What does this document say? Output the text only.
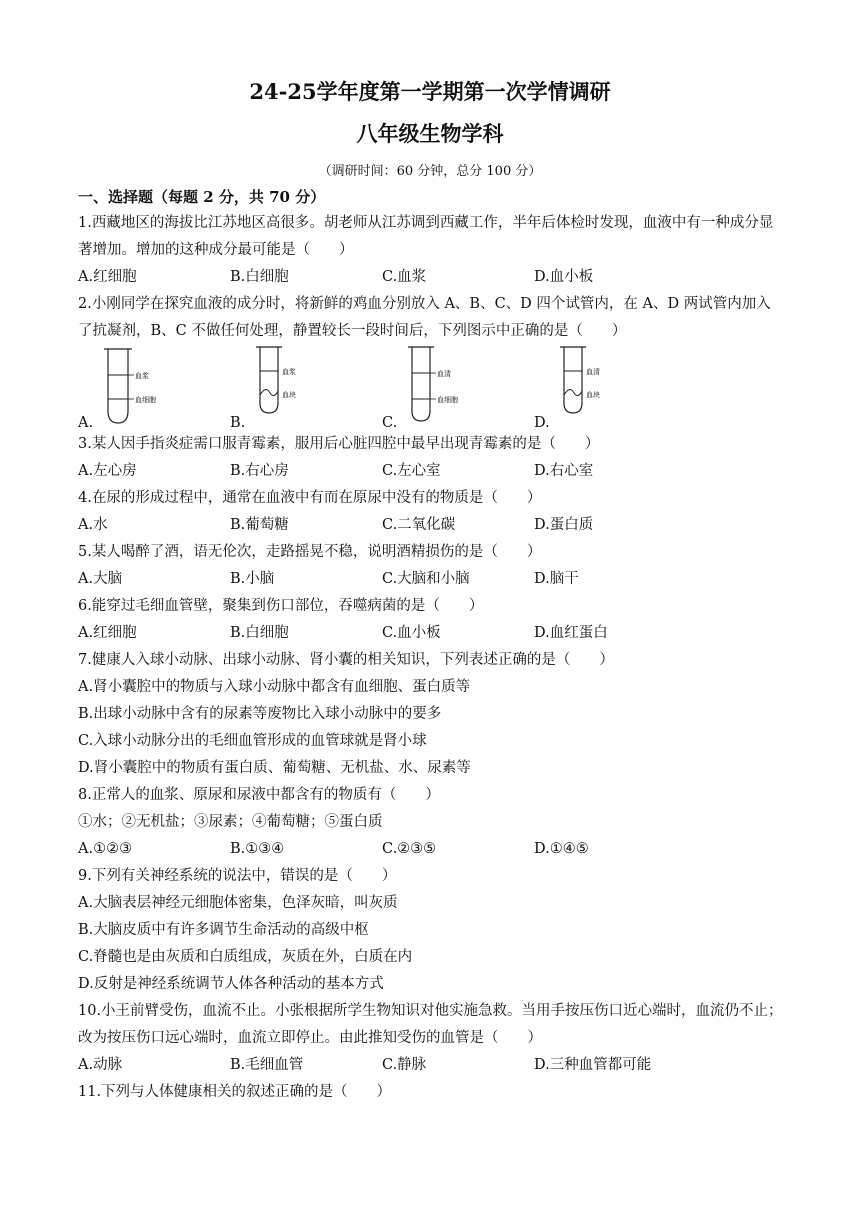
24-25学年度第一学期第一次学情调研
八年级生物学科
（调研时间：60 分钟，总分 100 分）
一、选择题（每题 2 分，共 70 分）
1.西藏地区的海拔比江苏地区高很多。胡老师从江苏调到西藏工作，半年后体检时发现，血液中有一种成分显著增加。增加的这种成分最可能是（　　）
A.红细胞	B.白细胞	C.血浆	D.血小板
2.小刚同学在探究血液的成分时，将新鲜的鸡血分别放入 A、B、C、D 四个试管内，在 A、D 两试管内加入了抗凝剂，B、C 不做任何处理，静置较长一段时间后，下列图示中正确的是（　　）
血浆
血细胞
A.
血浆
血块
B.
血清
血细胞
C.
血清
血块
D.
3.某人因手指炎症需口服青霉素，服用后心脏四腔中最早出现青霉素的是（　　）
A.左心房	B.右心房	C.左心室	D.右心室
4.在尿的形成过程中，通常在血液中有而在原尿中没有的物质是（　　）
A.水	B.葡萄糖	C.二氧化碳	D.蛋白质
5.某人喝醉了酒，语无伦次，走路摇晃不稳，说明酒精损伤的是（　　）
A.大脑	B.小脑	C.大脑和小脑	D.脑干
6.能穿过毛细血管壁，聚集到伤口部位，吞噬病菌的是（　　）
A.红细胞	B.白细胞	C.血小板	D.血红蛋白
7.健康人入球小动脉、出球小动脉、肾小囊的相关知识，下列表述正确的是（　　）
A.肾小囊腔中的物质与入球小动脉中都含有血细胞、蛋白质等
B.出球小动脉中含有的尿素等废物比入球小动脉中的要多
C.入球小动脉分出的毛细血管形成的血管球就是肾小球
D.肾小囊腔中的物质有蛋白质、葡萄糖、无机盐、水、尿素等
8.正常人的血浆、原尿和尿液中都含有的物质有（　　）
①水；②无机盐；③尿素；④葡萄糖；⑤蛋白质
A.①②③	B.①③④	C.②③⑤	D.①④⑤
9.下列有关神经系统的说法中，错误的是（　　）
A.大脑表层神经元细胞体密集，色泽灰暗，叫灰质
B.大脑皮质中有许多调节生命活动的高级中枢
C.脊髓也是由灰质和白质组成，灰质在外，白质在内
D.反射是神经系统调节人体各种活动的基本方式
10.小王前臂受伤，血流不止。小张根据所学生物知识对他实施急救。当用手按压伤口近心端时，血流仍不止；改为按压伤口远心端时，血流立即停止。由此推知受伤的血管是（　　）
A.动脉	B.毛细血管	C.静脉	D.三种血管都可能
11.下列与人体健康相关的叙述正确的是（　　）
